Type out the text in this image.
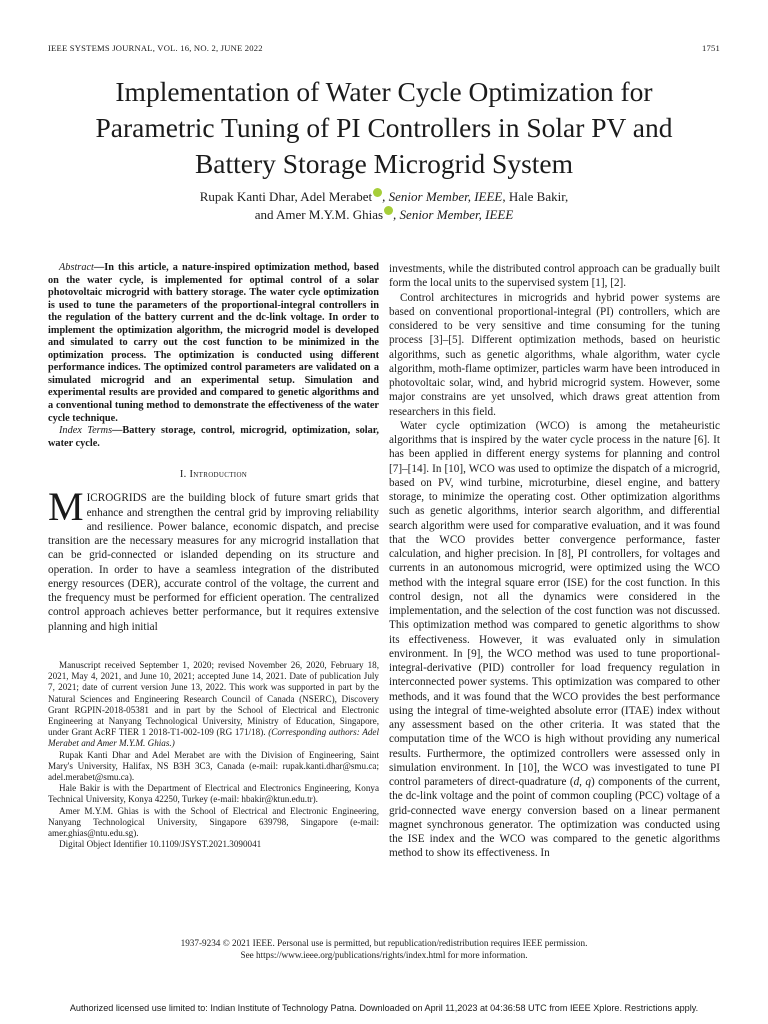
IEEE SYSTEMS JOURNAL, VOL. 16, NO. 2, JUNE 2022	1751
Implementation of Water Cycle Optimization for
Parametric Tuning of PI Controllers in Solar PV and
Battery Storage Microgrid System
Rupak Kanti Dhar, Adel Merabet , Senior Member, IEEE, Hale Bakir,
and Amer M.Y.M. Ghias , Senior Member, IEEE

Abstract—In this article, a nature-inspired optimization method, based on the water cycle, is implemented for optimal control of a solar photovoltaic microgrid with battery storage. The water cycle optimization is used to tune the parameters of the proportional-integral controllers in the regulation of the battery current and the dc-link voltage. In order to implement the optimization algorithm, the microgrid model is developed and simulated to carry out the cost function to be minimized in the optimization process. The optimization is conducted using different performance indices. The optimized control parameters are validated on a simulated microgrid and an experimental setup. Simulation and experimental results are provided and compared to genetic algorithms and a conventional tuning method to demonstrate the effectiveness of the water cycle technique.

Index Terms—Battery storage, control, microgrid, optimization, solar, water cycle.

I. Introduction

MICROGRIDS are the building block of future smart grids that enhance and strengthen the central grid by improving reliability and resilience. Power balance, economic dispatch, and precise transition are the necessary measures for any microgrid installation that can be grid-connected or islanded depending on its structure and operation. In order to have a seamless integration of the distributed energy resources (DER), accurate control of the voltage, the current and the frequency must be performed for efficient operation. The centralized control approach achieves better performance, but it requires extensive planning and high initial

Manuscript received September 1, 2020; revised November 26, 2020, February 18, 2021, May 4, 2021, and June 10, 2021; accepted June 14, 2021. Date of publication July 7, 2021; date of current version June 13, 2022. This work was supported in part by the Natural Sciences and Engineering Research Council of Canada (NSERC), Discovery Grant RGPIN-2018-05381 and in part by the School of Electrical and Electronic Engineering at Nanyang Technological University, Ministry of Education, Singapore, under Grant AcRF TIER 1 2018-T1-002-109 (RG 171/18). (Corresponding authors: Adel Merabet and Amer M.Y.M. Ghias.)

Rupak Kanti Dhar and Adel Merabet are with the Division of Engineering, Saint Mary's University, Halifax, NS B3H 3C3, Canada (e-mail: rupak.kanti.dhar@smu.ca; adel.merabet@smu.ca).

Hale Bakir is with the Department of Electrical and Electronics Engineering, Konya Technical University, Konya 42250, Turkey (e-mail: hbakir@ktun.edu.tr).

Amer M.Y.M. Ghias is with the School of Electrical and Electronic Engineering, Nanyang Technological University, Singapore 639798, Singapore (e-mail: amer.ghias@ntu.edu.sg).

Digital Object Identifier 10.1109/JSYST.2021.3090041

investments, while the distributed control approach can be gradually built form the local units to the supervised system [1], [2].

Control architectures in microgrids and hybrid power systems are based on conventional proportional-integral (PI) controllers, which are considered to be very sensitive and time consuming for the tuning process [3]–[5]. Different optimization methods, based on heuristic algorithms, such as genetic algorithms, whale algorithm, water cycle algorithm, moth-flame optimizer, particles warm have been introduced in photovoltaic solar, wind, and hybrid microgrid system. However, some major constrains are yet unsolved, which draws great attention from researchers in this field.

Water cycle optimization (WCO) is among the metaheuristic algorithms that is inspired by the water cycle process in the nature [6]. It has been applied in different energy systems for planning and control [7]–[14]. In [10], WCO was used to optimize the dispatch of a microgrid, based on PV, wind turbine, microturbine, diesel engine, and battery storage, to minimize the operating cost. Other optimization algorithms such as genetic algorithms, interior search algorithm, and differential search algorithm were used for comparative evaluation, and it was found that the WCO provides better convergence performance, faster calculation, and higher precision. In [8], PI controllers, for voltages and currents in an autonomous microgrid, were optimized using the WCO method with the integral square error (ISE) for the cost function. In this control design, not all the dynamics were considered in the implementation, and the selection of the cost function was not discussed. This optimization method was compared to genetic algorithms to show its effectiveness. However, it was evaluated only in simulation environment. In [9], the WCO method was used to tune proportional-integral-derivative (PID) controller for load frequency regulation in interconnected power systems. This optimization was compared to other methods, and it was found that the WCO provides the best performance using the integral of time-weighted absolute error (ITAE) index without any assessment based on the other criteria. It was stated that the computation time of the WCO is high without providing any numerical results. Furthermore, the optimized controllers were assessed only in simulation environment. In [10], the WCO was investigated to tune PI control parameters of direct-quadrature (d, q) components of the current, the dc-link voltage and the point of common coupling (PCC) voltage of a grid-connected wave energy conversion based on a linear permanent magnet synchronous generator. The optimization was conducted using the ISE index and the WCO was compared to the genetic algorithms method to show its effectiveness. In

1937-9234 © 2021 IEEE. Personal use is permitted, but republication/redistribution requires IEEE permission.
See https://www.ieee.org/publications/rights/index.html for more information.
Authorized licensed use limited to: Indian Institute of Technology Patna. Downloaded on April 11,2023 at 04:36:58 UTC from IEEE Xplore. Restrictions apply.
